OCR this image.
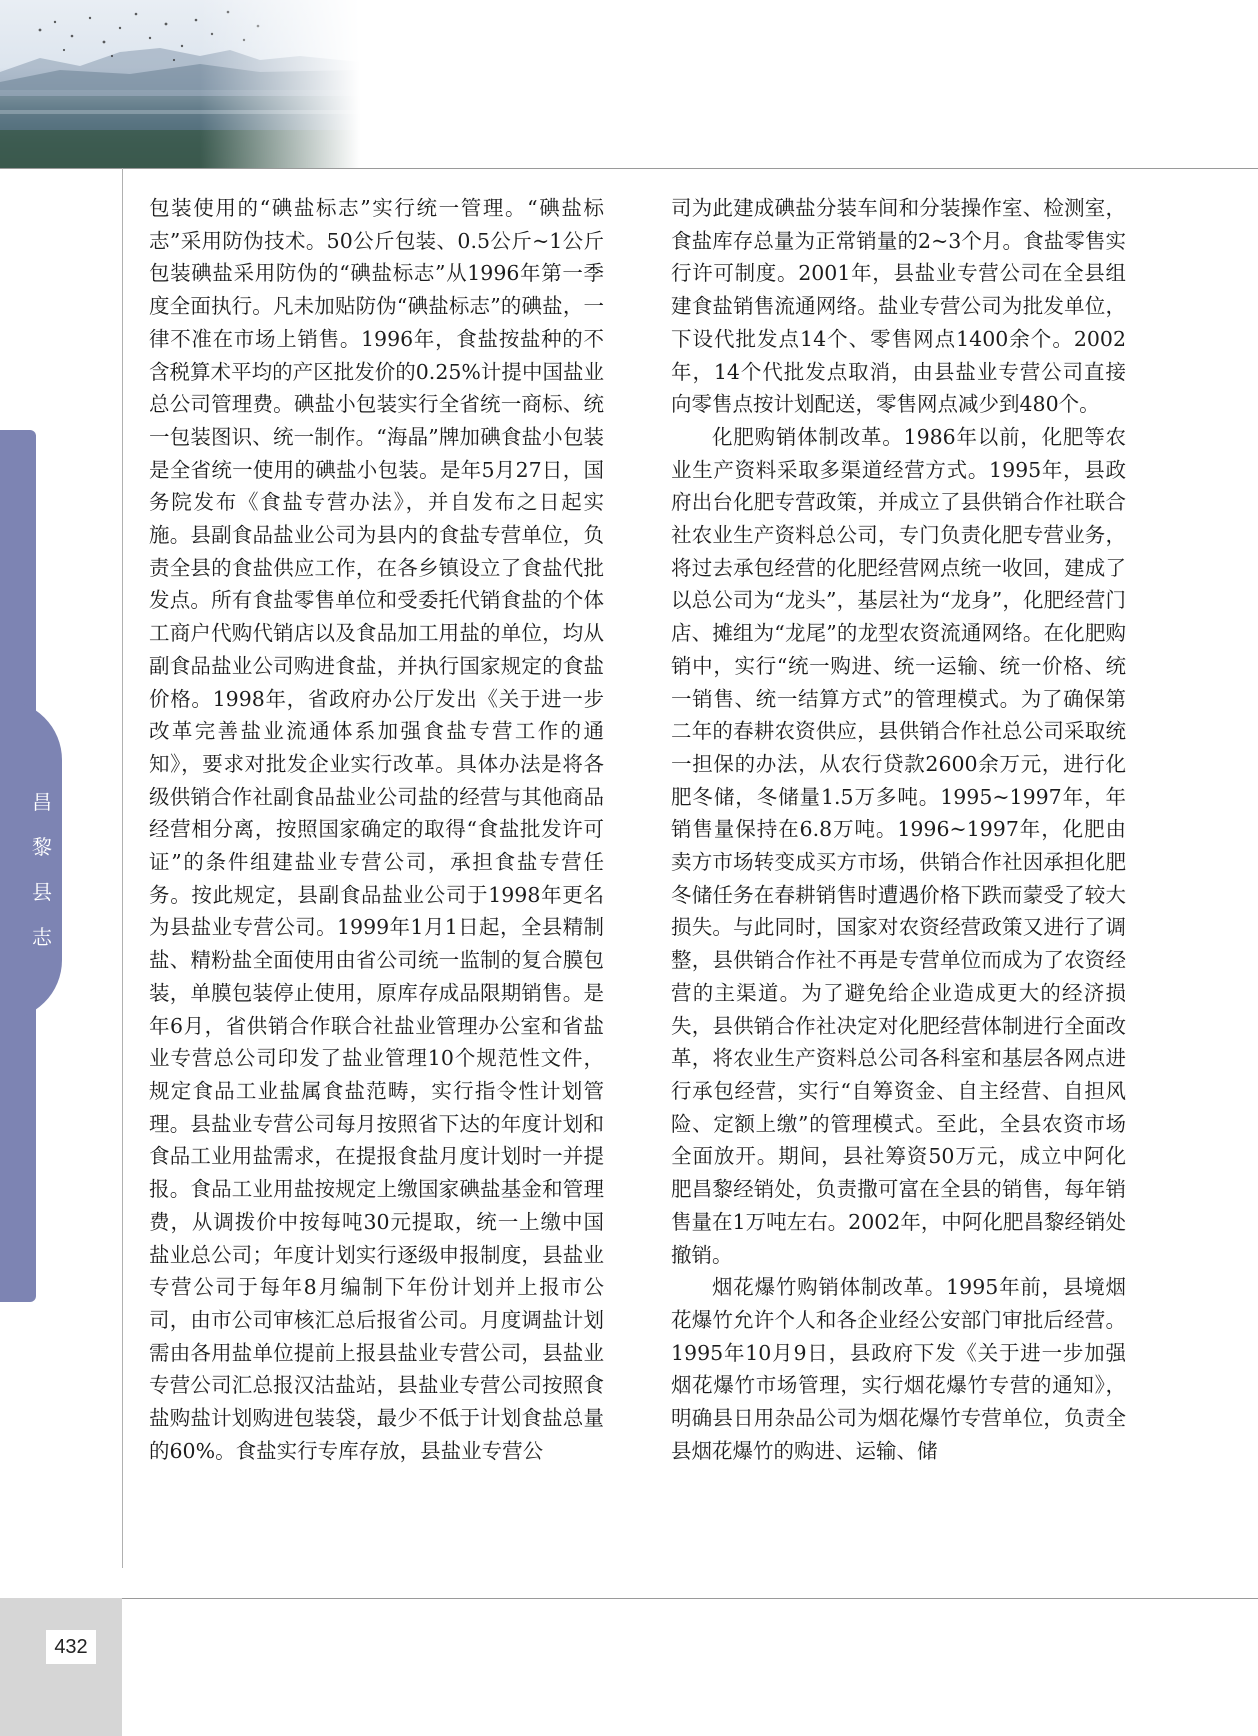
昌黎县志
432

包装使用的“碘盐标志”实行统一管理。“碘盐标志”采用防伪技术。50公斤包装、0.5公斤~1公斤包装碘盐采用防伪的“碘盐标志”从1996年第一季度全面执行。凡未加贴防伪“碘盐标志”的碘盐，一律不准在市场上销售。1996年，食盐按盐种的不含税算术平均的产区批发价的0.25%计提中国盐业总公司管理费。碘盐小包装实行全省统一商标、统一包装图识、统一制作。“海晶”牌加碘食盐小包装是全省统一使用的碘盐小包装。是年5月27日，国务院发布《食盐专营办法》，并自发布之日起实施。县副食品盐业公司为县内的食盐专营单位，负责全县的食盐供应工作，在各乡镇设立了食盐代批发点。所有食盐零售单位和受委托代销食盐的个体工商户代购代销店以及食品加工用盐的单位，均从副食品盐业公司购进食盐，并执行国家规定的食盐价格。1998年，省政府办公厅发出《关于进一步改革完善盐业流通体系加强食盐专营工作的通知》，要求对批发企业实行改革。具体办法是将各级供销合作社副食品盐业公司盐的经营与其他商品经营相分离，按照国家确定的取得“食盐批发许可证”的条件组建盐业专营公司，承担食盐专营任务。按此规定，县副食品盐业公司于1998年更名为县盐业专营公司。1999年1月1日起，全县精制盐、精粉盐全面使用由省公司统一监制的复合膜包装，单膜包装停止使用，原库存成品限期销售。是年6月，省供销合作联合社盐业管理办公室和省盐业专营总公司印发了盐业管理10个规范性文件，规定食品工业盐属食盐范畴，实行指令性计划管理。县盐业专营公司每月按照省下达的年度计划和食品工业用盐需求，在提报食盐月度计划时一并提报。食品工业用盐按规定上缴国家碘盐基金和管理费，从调拨价中按每吨30元提取，统一上缴中国盐业总公司；年度计划实行逐级申报制度，县盐业专营公司于每年8月编制下年份计划并上报市公司，由市公司审核汇总后报省公司。月度调盐计划需由各用盐单位提前上报县盐业专营公司，县盐业专营公司汇总报汉沽盐站，县盐业专营公司按照食盐购盐计划购进包装袋，最少不低于计划食盐总量的60%。食盐实行专库存放，县盐业专营公

司为此建成碘盐分装车间和分装操作室、检测室，食盐库存总量为正常销量的2~3个月。食盐零售实行许可制度。2001年，县盐业专营公司在全县组建食盐销售流通网络。盐业专营公司为批发单位，下设代批发点14个、零售网点1400余个。2002年，14个代批发点取消，由县盐业专营公司直接向零售点按计划配送，零售网点减少到480个。

化肥购销体制改革。1986年以前，化肥等农业生产资料采取多渠道经营方式。1995年，县政府出台化肥专营政策，并成立了县供销合作社联合社农业生产资料总公司，专门负责化肥专营业务，将过去承包经营的化肥经营网点统一收回，建成了以总公司为“龙头”，基层社为“龙身”，化肥经营门店、摊组为“龙尾”的龙型农资流通网络。在化肥购销中，实行“统一购进、统一运输、统一价格、统一销售、统一结算方式”的管理模式。为了确保第二年的春耕农资供应，县供销合作社总公司采取统一担保的办法，从农行贷款2600余万元，进行化肥冬储，冬储量1.5万多吨。1995~1997年，年销售量保持在6.8万吨。1996~1997年，化肥由卖方市场转变成买方市场，供销合作社因承担化肥冬储任务在春耕销售时遭遇价格下跌而蒙受了较大损失。与此同时，国家对农资经营政策又进行了调整，县供销合作社不再是专营单位而成为了农资经营的主渠道。为了避免给企业造成更大的经济损失，县供销合作社决定对化肥经营体制进行全面改革，将农业生产资料总公司各科室和基层各网点进行承包经营，实行“自筹资金、自主经营、自担风险、定额上缴”的管理模式。至此，全县农资市场全面放开。期间，县社筹资50万元，成立中阿化肥昌黎经销处，负责撒可富在全县的销售，每年销售量在1万吨左右。2002年，中阿化肥昌黎经销处撤销。

烟花爆竹购销体制改革。1995年前，县境烟花爆竹允许个人和各企业经公安部门审批后经营。1995年10月9日，县政府下发《关于进一步加强烟花爆竹市场管理，实行烟花爆竹专营的通知》，明确县日用杂品公司为烟花爆竹专营单位，负责全县烟花爆竹的购进、运输、储
